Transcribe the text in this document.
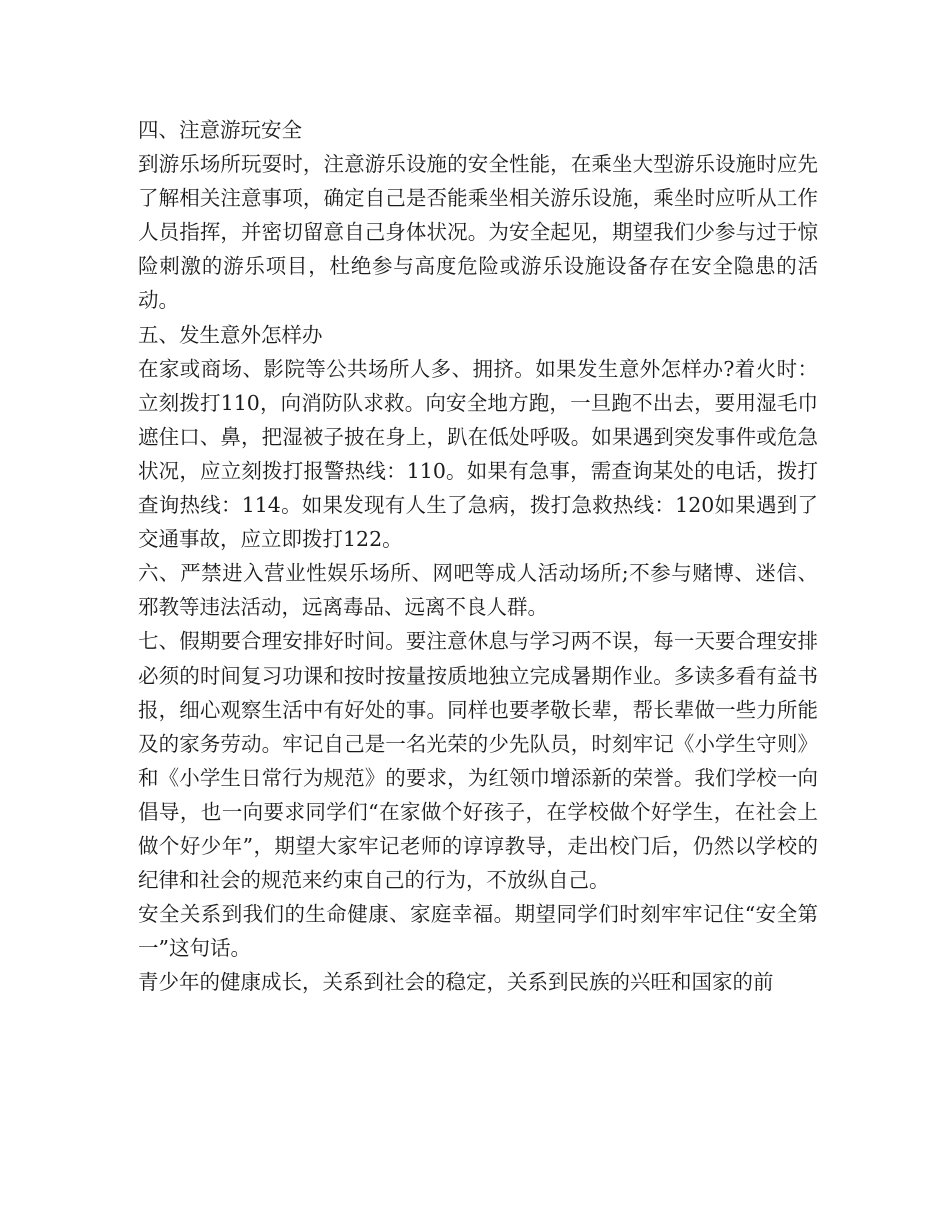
四、注意游玩安全

到游乐场所玩耍时，注意游乐设施的安全性能，在乘坐大型游乐设施时应先了解相关注意事项，确定自己是否能乘坐相关游乐设施，乘坐时应听从工作人员指挥，并密切留意自己身体状况。为安全起见，期望我们少参与过于惊险刺激的游乐项目，杜绝参与高度危险或游乐设施设备存在安全隐患的活动。

五、发生意外怎样办

在家或商场、影院等公共场所人多、拥挤。如果发生意外怎样办?着火时：立刻拨打110，向消防队求救。向安全地方跑，一旦跑不出去，要用湿毛巾遮住口、鼻，把湿被子披在身上，趴在低处呼吸。如果遇到突发事件或危急状况，应立刻拨打报警热线：110。如果有急事，需查询某处的电话，拨打查询热线：114。如果发现有人生了急病，拨打急救热线：120如果遇到了交通事故，应立即拨打122。

六、严禁进入营业性娱乐场所、网吧等成人活动场所;不参与赌博、迷信、邪教等违法活动，远离毒品、远离不良人群。

七、假期要合理安排好时间。要注意休息与学习两不误，每一天要合理安排必须的时间复习功课和按时按量按质地独立完成暑期作业。多读多看有益书报，细心观察生活中有好处的事。同样也要孝敬长辈，帮长辈做一些力所能及的家务劳动。牢记自己是一名光荣的少先队员，时刻牢记《小学生守则》和《小学生日常行为规范》的要求，为红领巾增添新的荣誉。我们学校一向倡导，也一向要求同学们“在家做个好孩子，在学校做个好学生，在社会上做个好少年”，期望大家牢记老师的谆谆教导，走出校门后，仍然以学校的纪律和社会的规范来约束自己的行为，不放纵自己。

安全关系到我们的生命健康、家庭幸福。期望同学们时刻牢牢记住“安全第一”这句话。

青少年的健康成长，关系到社会的稳定，关系到民族的兴旺和国家的前
